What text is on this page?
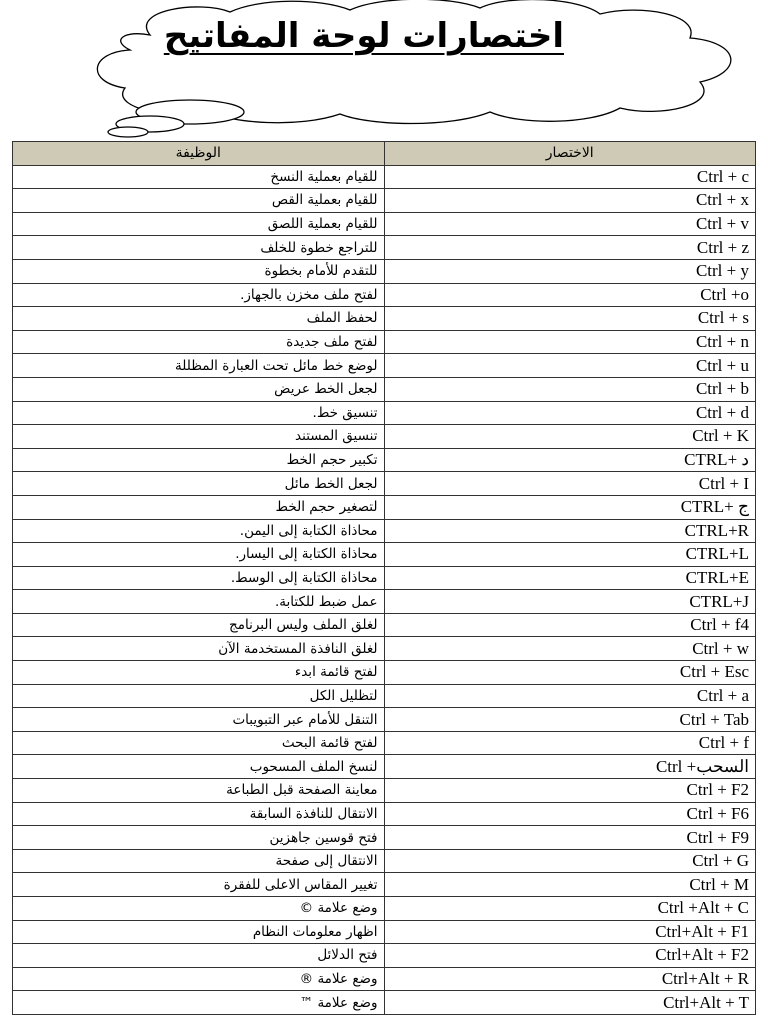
اختصارات لوحة المفاتيح
الوظيفة	الاختصار
للقيام بعملية النسخ	Ctrl + c
للقيام بعملية القص	Ctrl + x
للقيام بعملية اللصق	Ctrl + v
للتراجع خطوة للخلف	Ctrl + z
للتقدم للأمام بخطوة	Ctrl + y
لفتح ملف مخزن بالجهاز.	Ctrl +o
لحفظ الملف	Ctrl + s
لفتح ملف جديدة	Ctrl + n
لوضع خط مائل تحت العبارة المظللة	Ctrl + u
لجعل الخط عريض	Ctrl + b
تنسيق خط.	Ctrl + d
تنسيق المستند	Ctrl + K
تكبير حجم الخط	CTRL+ د
لجعل الخط مائل	Ctrl + I
لتصغير حجم الخط	CTRL+ ج
محاذاة الكتابة إلى اليمن.	CTRL+R
محاذاة الكتابة إلى اليسار.	CTRL+L
محاذاة الكتابة إلى الوسط.	CTRL+E
عمل ضبط للكتابة.	CTRL+J
لغلق الملف وليس البرنامج	Ctrl + f4
لغلق النافذة المستخدمة الآن	Ctrl + w
لفتح قائمة ابدء	Ctrl + Esc
لتظليل الكل	Ctrl + a
التنقل للأمام عبر التبويبات	Ctrl + Tab
لفتح قائمة البحث	Ctrl + f
لنسخ الملف المسحوب	Ctrl +السحب
معاينة الصفحة قبل الطباعة	Ctrl + F2
الانتقال للنافذة السابقة	Ctrl + F6
فتح قوسين جاهزين	Ctrl + F9
الانتقال إلى صفحة	Ctrl + G
تغيير المقاس الاعلى للفقرة	Ctrl + M
وضع علامة ©	Ctrl +Alt + C
اظهار معلومات النظام	Ctrl+Alt + F1
فتح الدلائل	Ctrl+Alt + F2
وضع علامة ®	Ctrl+Alt + R
وضع علامة ™	Ctrl+Alt + T
